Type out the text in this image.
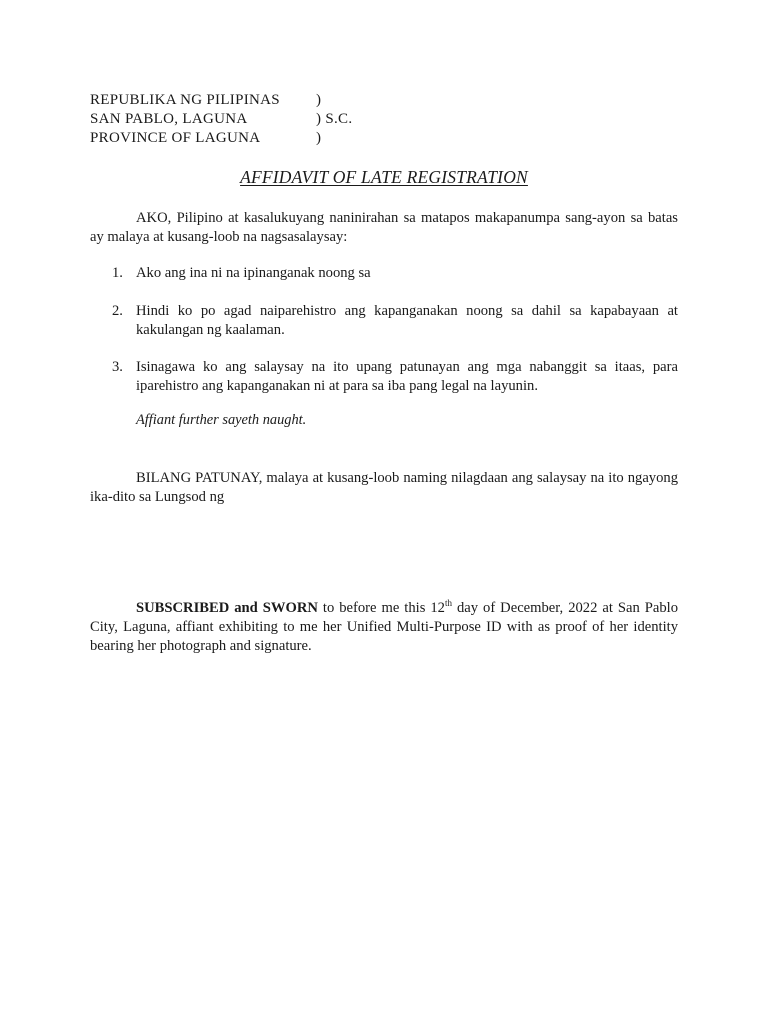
REPUBLIKA NG PILIPINAS	)
SAN PABLO, LAGUNA	) S.C.
PROVINCE OF LAGUNA	)
AFFIDAVIT OF LATE REGISTRATION
AKO, Pilipino at kasalukuyang naninirahan sa matapos makapanumpa sang-ayon sa batas ay malaya at kusang-loob na nagsasalaysay:
1. Ako ang ina ni na ipinanganak noong sa
2. Hindi ko po agad naiparehistro ang kapanganakan noong sa dahil sa kapabayaan at kakulangan ng kaalaman.
3. Isinagawa ko ang salaysay na ito upang patunayan ang mga nabanggit sa itaas, para iparehistro ang kapanganakan ni at para sa iba pang legal na layunin.
Affiant further sayeth naught.
BILANG PATUNAY, malaya at kusang-loob naming nilagdaan ang salaysay na ito ngayong ika-dito sa Lungsod ng
SUBSCRIBED and SWORN to before me this 12th day of December, 2022 at San Pablo City, Laguna, affiant exhibiting to me her Unified Multi-Purpose ID with as proof of her identity bearing her photograph and signature.
